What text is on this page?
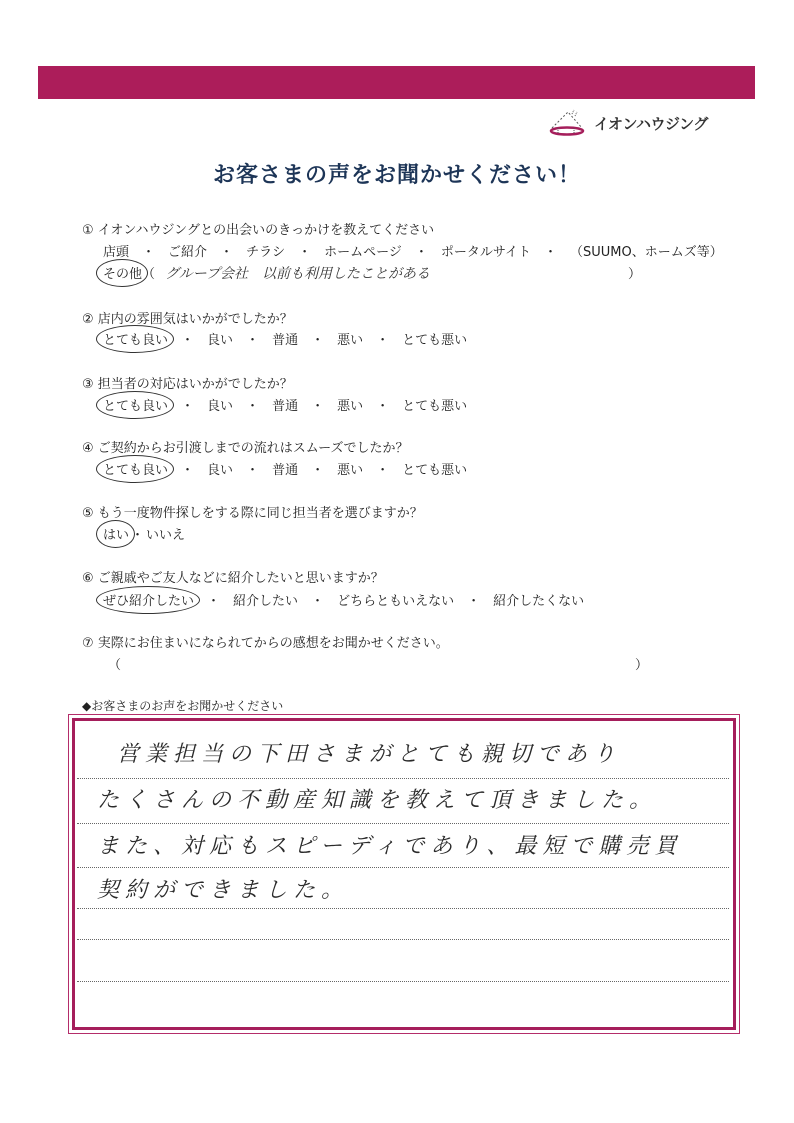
イオンハウジング
お客さまの声をお聞かせください！
① イオンハウジングとの出会いのきっかけを教えてください
店頭 ・ ご紹介 ・ チラシ ・ ホームページ ・ ポータルサイト ・ （SUUMO、ホームズ等）
その他（ グループ会社　以前も利用したことがある	）
② 店内の雰囲気はいかがでしたか？
とても良い ・ 良い ・ 普通 ・ 悪い ・ とても悪い
③ 担当者の対応はいかがでしたか？
とても良い ・ 良い ・ 普通 ・ 悪い ・ とても悪い
④ ご契約からお引渡しまでの流れはスムーズでしたか？
とても良い ・ 良い ・ 普通 ・ 悪い ・ とても悪い
⑤ もう一度物件探しをする際に同じ担当者を選びますか？
はい ・ いいえ
⑥ ご親戚やご友人などに紹介したいと思いますか？
ぜひ紹介したい ・ 紹介したい ・ どちらともいえない ・ 紹介したくない
⑦ 実際にお住まいになられてからの感想をお聞かせください。
（	）
◆お客さまのお声をお聞かせください
営業担当の下田さまがとても親切であり
たくさんの不動産知識を教えて頂きました。
また、対応もスピーディであり、最短で購売買
契約ができました。
